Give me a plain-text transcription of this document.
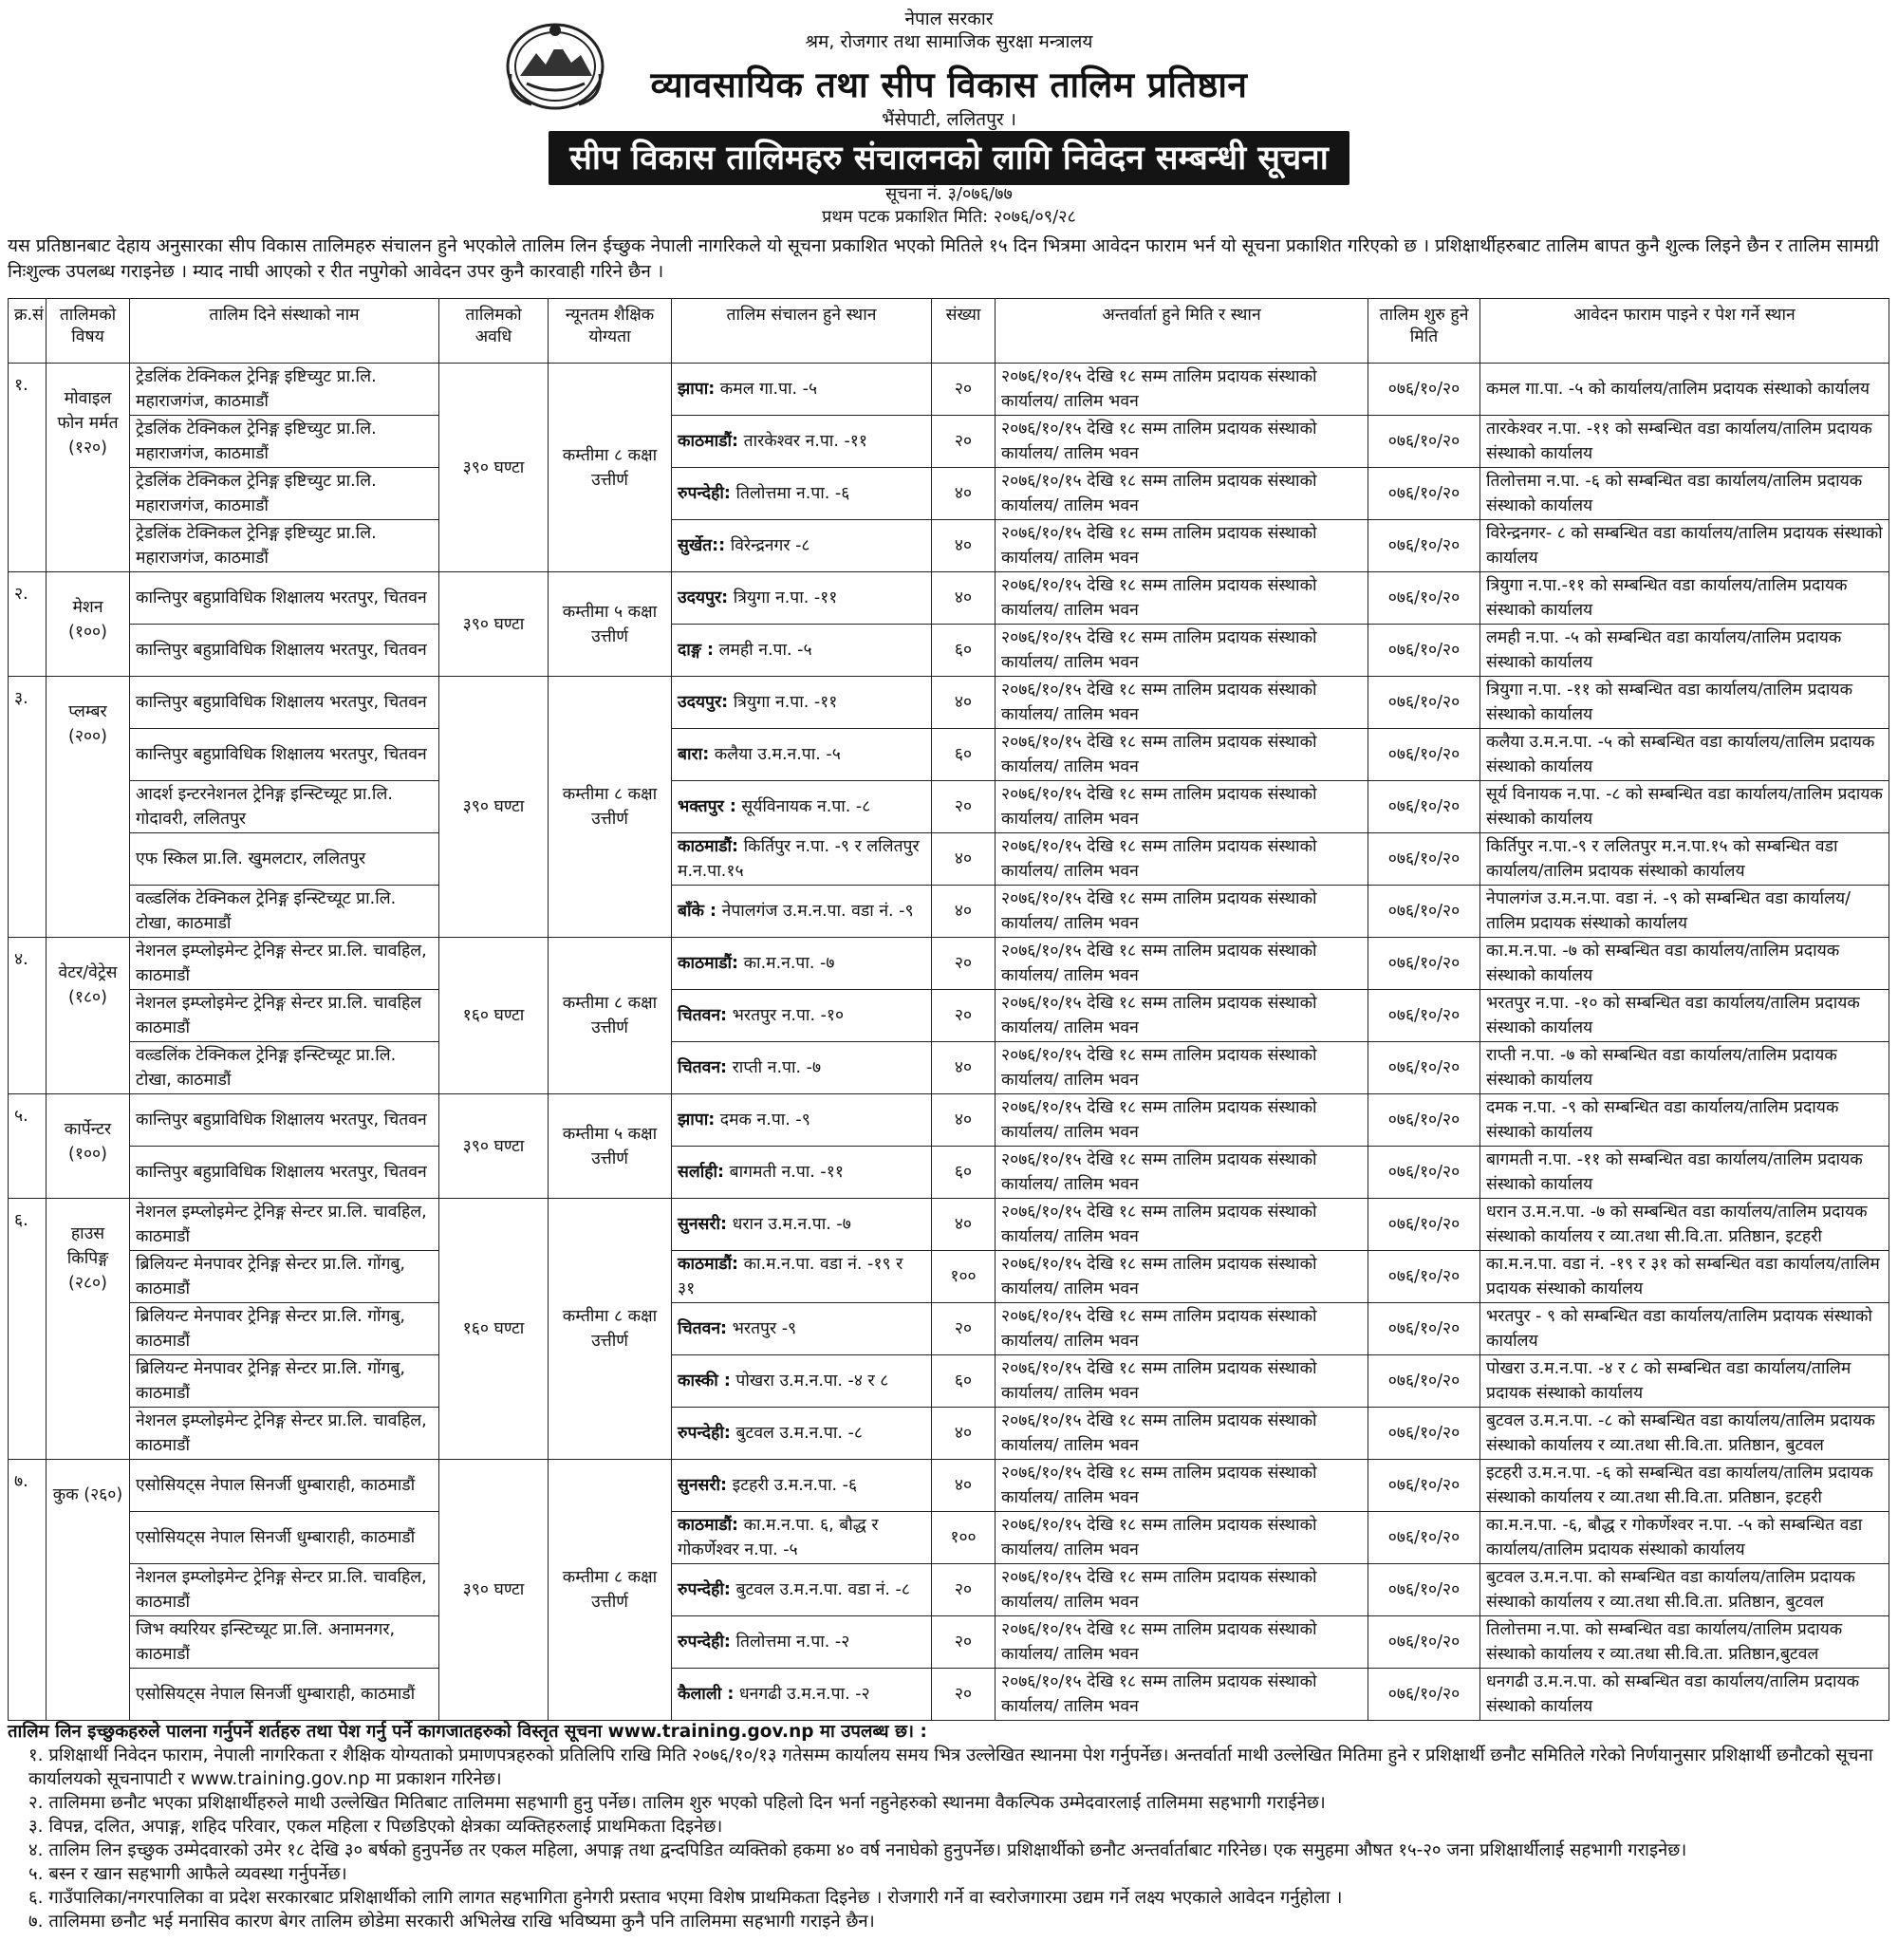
नेपाल सरकार
श्रम, रोजगार तथा सामाजिक सुरक्षा मन्त्रालय
व्यावसायिक तथा सीप विकास तालिम प्रतिष्ठान
भैंसेपाटी, ललितपुर ।
सीप विकास तालिमहरु संचालनको लागि निवेदन सम्बन्धी सूचना
सूचना नं. ३/०७६/७७
प्रथम पटक प्रकाशित मिति: २०७६/०९/२८
यस प्रतिष्ठानबाट देहाय अनुसारका सीप विकास तालिमहरु संचालन हुने भएकोले तालिम लिन ईच्छुक नेपाली नागरिकले यो सूचना प्रकाशित भएको मितिले १५ दिन भित्रमा आवेदन फाराम भर्न यो सूचना प्रकाशित गरिएको छ । प्रशिक्षार्थीहरुबाट तालिम बापत कुनै शुल्क लिइने छैन र तालिम सामग्री निःशुल्क उपलब्ध गराइनेछ । म्याद नाघी आएको र रीत नपुगेको आवेदन उपर कुनै कारवाही गरिने छैन ।
क्र.सं	तालिमको विषय	तालिम दिने संस्थाको नाम	तालिमको अवधि	न्यूनतम शैक्षिक योग्यता	तालिम संचालन हुने स्थान	संख्या	अन्तर्वार्ता हुने मिति र स्थान	तालिम शुरु हुने मिति	आवेदन फाराम पाइने र पेश गर्ने स्थान
१.	मोवाइल फोन मर्मत (१२०)	ट्रेडलिंक टेक्निकल ट्रेनिङ्ग इष्टिच्युट प्रा.लि. महाराजगंज, काठमाडौं	३९० घण्टा	कम्तीमा ८ कक्षा उत्तीर्ण	झापा: कमल गा.पा. -५	२०	२०७६/१०/१५ देखि १८ सम्म तालिम प्रदायक संस्थाको कार्यालय/ तालिम भवन	०७६/१०/२०	कमल गा.पा. -५ को कार्यालय/तालिम प्रदायक संस्थाको कार्यालय
		ट्रेडलिंक टेक्निकल ट्रेनिङ्ग इष्टिच्युट प्रा.लि. महाराजगंज, काठमाडौं			काठमाडौं: तारकेश्वर न.पा. -११	२०	२०७६/१०/१५ देखि १८ सम्म तालिम प्रदायक संस्थाको कार्यालय/ तालिम भवन	०७६/१०/२०	तारकेश्वर न.पा. -११ को सम्बन्धित वडा कार्यालय/तालिम प्रदायक संस्थाको कार्यालय
		ट्रेडलिंक टेक्निकल ट्रेनिङ्ग इष्टिच्युट प्रा.लि. महाराजगंज, काठमाडौं			रुपन्देही: तिलोत्तमा न.पा. -६	४०	२०७६/१०/१५ देखि १८ सम्म तालिम प्रदायक संस्थाको कार्यालय/ तालिम भवन	०७६/१०/२०	तिलोत्तमा न.पा. -६ को सम्बन्धित वडा कार्यालय/तालिम प्रदायक संस्थाको कार्यालय
		ट्रेडलिंक टेक्निकल ट्रेनिङ्ग इष्टिच्युट प्रा.लि. महाराजगंज, काठमाडौं			सुर्खेत:: विरेन्द्रनगर -८	४०	२०७६/१०/१५ देखि १८ सम्म तालिम प्रदायक संस्थाको कार्यालय/ तालिम भवन	०७६/१०/२०	विरेन्द्रनगर- ८ को सम्बन्धित वडा कार्यालय/तालिम प्रदायक संस्थाको कार्यालय
२.	मेशन (१००)	कान्तिपुर बहुप्राविधिक शिक्षालय भरतपुर, चितवन	३९० घण्टा	कम्तीमा ५ कक्षा उत्तीर्ण	उदयपुर: त्रियुगा न.पा. -११	४०	२०७६/१०/१५ देखि १८ सम्म तालिम प्रदायक संस्थाको कार्यालय/ तालिम भवन	०७६/१०/२०	त्रियुगा न.पा.-११ को सम्बन्धित वडा कार्यालय/तालिम प्रदायक संस्थाको कार्यालय
		कान्तिपुर बहुप्राविधिक शिक्षालय भरतपुर, चितवन			दाङ्ग : लमही न.पा. -५	६०	२०७६/१०/१५ देखि १८ सम्म तालिम प्रदायक संस्थाको कार्यालय/ तालिम भवन	०७६/१०/२०	लमही न.पा. -५ को सम्बन्धित वडा कार्यालय/तालिम प्रदायक संस्थाको कार्यालय
३.	प्लम्बर (२००)	कान्तिपुर बहुप्राविधिक शिक्षालय भरतपुर, चितवन	३९० घण्टा	कम्तीमा ८ कक्षा उत्तीर्ण	उदयपुर: त्रियुगा न.पा. -११	४०	२०७६/१०/१५ देखि १८ सम्म तालिम प्रदायक संस्थाको कार्यालय/ तालिम भवन	०७६/१०/२०	त्रियुगा न.पा. -११ को सम्बन्धित वडा कार्यालय/तालिम प्रदायक संस्थाको कार्यालय
		कान्तिपुर बहुप्राविधिक शिक्षालय भरतपुर, चितवन			बारा: कलैया उ.म.न.पा. -५	६०	२०७६/१०/१५ देखि १८ सम्म तालिम प्रदायक संस्थाको कार्यालय/ तालिम भवन	०७६/१०/२०	कलैया उ.म.न.पा. -५ को सम्बन्धित वडा कार्यालय/तालिम प्रदायक संस्थाको कार्यालय
		आदर्श इन्टरनेशनल ट्रेनिङ्ग इन्स्टिच्यूट प्रा.लि. गोदावरी, ललितपुर			भक्तपुर : सूर्यविनायक न.पा. -८	२०	२०७६/१०/१५ देखि १८ सम्म तालिम प्रदायक संस्थाको कार्यालय/ तालिम भवन	०७६/१०/२०	सूर्य विनायक न.पा. -८ को सम्बन्धित वडा कार्यालय/तालिम प्रदायक संस्थाको कार्यालय
		एफ स्किल प्रा.लि. खुमलटार, ललितपुर			काठमाडौं: किर्तिपुर न.पा. -९ र ललितपुर म.न.पा.१५	४०	२०७६/१०/१५ देखि १८ सम्म तालिम प्रदायक संस्थाको कार्यालय/ तालिम भवन	०७६/१०/२०	किर्तिपुर न.पा.-९ र ललितपुर म.न.पा.१५ को सम्बन्धित वडा कार्यालय/तालिम प्रदायक संस्थाको कार्यालय
		वल्र्डलिंक टेक्निकल ट्रेनिङ्ग इन्स्टिच्यूट प्रा.लि. टोखा, काठमाडौं			बाँके : नेपालगंज उ.म.न.पा. वडा नं. -९	४०	२०७६/१०/१५ देखि १८ सम्म तालिम प्रदायक संस्थाको कार्यालय/ तालिम भवन	०७६/१०/२०	नेपालगंज उ.म.न.पा. वडा नं. -९ को सम्बन्धित वडा कार्यालय/तालिम प्रदायक संस्थाको कार्यालय
४.	वेटर/वेट्रेस (१८०)	नेशनल इम्प्लोइमेन्ट ट्रेनिङ्ग सेन्टर प्रा.लि. चावहिल, काठमाडौं	१६० घण्टा	कम्तीमा ८ कक्षा उत्तीर्ण	काठमाडौं: का.म.न.पा. -७	२०	२०७६/१०/१५ देखि १८ सम्म तालिम प्रदायक संस्थाको कार्यालय/ तालिम भवन	०७६/१०/२०	का.म.न.पा. -७ को सम्बन्धित वडा कार्यालय/तालिम प्रदायक संस्थाको कार्यालय
		नेशनल इम्प्लोइमेन्ट ट्रेनिङ्ग सेन्टर प्रा.लि. चावहिल काठमाडौं			चितवन: भरतपुर न.पा. -१०	२०	२०७६/१०/१५ देखि १८ सम्म तालिम प्रदायक संस्थाको कार्यालय/ तालिम भवन	०७६/१०/२०	भरतपुर न.पा. -१० को सम्बन्धित वडा कार्यालय/तालिम प्रदायक संस्थाको कार्यालय
		वल्र्डलिंक टेक्निकल ट्रेनिङ्ग इन्स्टिच्यूट प्रा.लि. टोखा, काठमाडौं			चितवन: राप्ती न.पा. -७	४०	२०७६/१०/१५ देखि १८ सम्म तालिम प्रदायक संस्थाको कार्यालय/ तालिम भवन	०७६/१०/२०	राप्ती न.पा. -७ को सम्बन्धित वडा कार्यालय/तालिम प्रदायक संस्थाको कार्यालय
५.	कार्पेन्टर (१००)	कान्तिपुर बहुप्राविधिक शिक्षालय भरतपुर, चितवन	३९० घण्टा	कम्तीमा ५ कक्षा उत्तीर्ण	झापा: दमक न.पा. -९	४०	२०७६/१०/१५ देखि १८ सम्म तालिम प्रदायक संस्थाको कार्यालय/ तालिम भवन	०७६/१०/२०	दमक न.पा. -९ को सम्बन्धित वडा कार्यालय/तालिम प्रदायक संस्थाको कार्यालय
		कान्तिपुर बहुप्राविधिक शिक्षालय भरतपुर, चितवन			सर्लाही: बागमती न.पा. -११	६०	२०७६/१०/१५ देखि १८ सम्म तालिम प्रदायक संस्थाको कार्यालय/ तालिम भवन	०७६/१०/२०	बागमती न.पा. -११ को सम्बन्धित वडा कार्यालय/तालिम प्रदायक संस्थाको कार्यालय
६.	हाउस किपिङ्ग (२८०)	नेशनल इम्प्लोइमेन्ट ट्रेनिङ्ग सेन्टर प्रा.लि. चावहिल, काठमाडौं	१६० घण्टा	कम्तीमा ८ कक्षा उत्तीर्ण	सुनसरी: धरान उ.म.न.पा. -७	४०	२०७६/१०/१५ देखि १८ सम्म तालिम प्रदायक संस्थाको कार्यालय/ तालिम भवन	०७६/१०/२०	धरान उ.म.न.पा. -७ को सम्बन्धित वडा कार्यालय/तालिम प्रदायक संस्थाको कार्यालय र व्या.तथा सी.वि.ता. प्रतिष्ठान, इटहरी
		ब्रिलियन्ट मेनपावर ट्रेनिङ्ग सेन्टर प्रा.लि. गोंगबु, काठमाडौं			काठमाडौं: का.म.न.पा. वडा नं. -१९ र ३१	१००	२०७६/१०/१५ देखि १८ सम्म तालिम प्रदायक संस्थाको कार्यालय/ तालिम भवन	०७६/१०/२०	का.म.न.पा. वडा नं. -१९ र ३१ को सम्बन्धित वडा कार्यालय/तालिम प्रदायक संस्थाको कार्यालय
		ब्रिलियन्ट मेनपावर ट्रेनिङ्ग सेन्टर प्रा.लि. गोंगबु, काठमाडौं			चितवन: भरतपुर -९	२०	२०७६/१०/१५ देखि १८ सम्म तालिम प्रदायक संस्थाको कार्यालय/ तालिम भवन	०७६/१०/२०	भरतपुर - ९ को सम्बन्धित वडा कार्यालय/तालिम प्रदायक संस्थाको कार्यालय
		ब्रिलियन्ट मेनपावर ट्रेनिङ्ग सेन्टर प्रा.लि. गोंगबु, काठमाडौं			कास्की : पोखरा उ.म.न.पा. -४ र ८	६०	२०७६/१०/१५ देखि १८ सम्म तालिम प्रदायक संस्थाको कार्यालय/ तालिम भवन	०७६/१०/२०	पोखरा उ.म.न.पा. -४ र ८ को सम्बन्धित वडा कार्यालय/तालिम प्रदायक संस्थाको कार्यालय
		नेशनल इम्प्लोइमेन्ट ट्रेनिङ्ग सेन्टर प्रा.लि. चावहिल, काठमाडौं			रुपन्देही: बुटवल उ.म.न.पा. -८	४०	२०७६/१०/१५ देखि १८ सम्म तालिम प्रदायक संस्थाको कार्यालय/ तालिम भवन	०७६/१०/२०	बुटवल उ.म.न.पा. -८ को सम्बन्धित वडा कार्यालय/तालिम प्रदायक संस्थाको कार्यालय र व्या.तथा सी.वि.ता. प्रतिष्ठान, बुटवल
७.	कुक (२६०)	एसोसियट्स नेपाल सिनर्जी धुम्बाराही, काठमाडौं	३९० घण्टा	कम्तीमा ८ कक्षा उत्तीर्ण	सुनसरी: इटहरी उ.म.न.पा. -६	४०	२०७६/१०/१५ देखि १८ सम्म तालिम प्रदायक संस्थाको कार्यालय/ तालिम भवन	०७६/१०/२०	इटहरी उ.म.न.पा. -६ को सम्बन्धित वडा कार्यालय/तालिम प्रदायक संस्थाको कार्यालय र व्या.तथा सी.वि.ता. प्रतिष्ठान, इटहरी
		एसोसियट्स नेपाल सिनर्जी धुम्बाराही, काठमाडौं			काठमाडौं: का.म.न.पा. ६, बौद्ध र गोकर्णेश्वर न.पा. -५	१००	२०७६/१०/१५ देखि १८ सम्म तालिम प्रदायक संस्थाको कार्यालय/ तालिम भवन	०७६/१०/२०	का.म.न.पा. -६, बौद्ध र गोकर्णेश्वर न.पा. -५ को सम्बन्धित वडा कार्यालय/तालिम प्रदायक संस्थाको कार्यालय
		नेशनल इम्प्लोइमेन्ट ट्रेनिङ्ग सेन्टर प्रा.लि. चावहिल, काठमाडौं			रुपन्देही: बुटवल उ.म.न.पा. वडा नं. -८	२०	२०७६/१०/१५ देखि १८ सम्म तालिम प्रदायक संस्थाको कार्यालय/ तालिम भवन	०७६/१०/२०	बुटवल उ.म.न.पा. को सम्बन्धित वडा कार्यालय/तालिम प्रदायक संस्थाको कार्यालय र व्या.तथा सी.वि.ता. प्रतिष्ठान, बुटवल
		जिभ क्यरियर इन्स्टिच्यूट प्रा.लि. अनामनगर, काठमाडौं			रुपन्देही: तिलोत्तमा न.पा. -२	२०	२०७६/१०/१५ देखि १८ सम्म तालिम प्रदायक संस्थाको कार्यालय/ तालिम भवन	०७६/१०/२०	तिलोत्तमा न.पा. को सम्बन्धित वडा कार्यालय/तालिम प्रदायक संस्थाको कार्यालय र व्या.तथा सी.वि.ता. प्रतिष्ठान,बुटवल
		एसोसियट्स नेपाल सिनर्जी धुम्बाराही, काठमाडौं			कैलाली : धनगढी उ.म.न.पा. -२	२०	२०७६/१०/१५ देखि १८ सम्म तालिम प्रदायक संस्थाको कार्यालय/ तालिम भवन	०७६/१०/२०	धनगढी उ.म.न.पा. को सम्बन्धित वडा कार्यालय/तालिम प्रदायक संस्थाको कार्यालय
तालिम लिन इच्छुकहरुले पालना गर्नुपर्ने शर्तहरु तथा पेश गर्नु पर्ने कागजातहरुको विस्तृत सूचना www.training.gov.np मा उपलब्ध छ। :
१. प्रशिक्षार्थी निवेदन फाराम, नेपाली नागरिकता र शैक्षिक योग्यताको प्रमाणपत्रहरुको प्रतिलिपि राखि मिति २०७६/१०/१३ गतेसम्म कार्यालय समय भित्र उल्लेखित स्थानमा पेश गर्नुपर्नेछ। अन्तर्वार्ता माथी उल्लेखित मितिमा हुने र प्रशिक्षार्थी छनौट समितिले गरेको निर्णयानुसार प्रशिक्षार्थी छनौटको सूचना कार्यालयको सूचनापाटी र www.training.gov.np मा प्रकाशन गरिनेछ।
२. तालिममा छनौट भएका प्रशिक्षार्थीहरुले माथी उल्लेखित मितिबाट तालिममा सहभागी हुनु पर्नेछ। तालिम शुरु भएको पहिलो दिन भर्ना नहुनेहरुको स्थानमा वैकल्पिक उम्मेदवारलाई तालिममा सहभागी गराईनेछ।
३. विपन्न, दलित, अपाङ्ग, शहिद परिवार, एकल महिला र पिछडिएको क्षेत्रका व्यक्तिहरुलाई प्राथमिकता दिइनेछ।
४. तालिम लिन इच्छुक उम्मेदवारको उमेर १८ देखि ३० बर्षको हुनुपर्नेछ तर एकल महिला, अपाङ्ग तथा द्वन्दपिडित व्यक्तिको हकमा ४० वर्ष ननाघेको हुनुपर्नेछ। प्रशिक्षार्थीको छनौट अन्तर्वार्ताबाट गरिनेछ। एक समुहमा औषत १५-२० जना प्रशिक्षार्थीलाई सहभागी गराइनेछ।
५. बस्न र खान सहभागी आफैले व्यवस्था गर्नुपर्नेछ।
६. गाउँपालिका/नगरपालिका वा प्रदेश सरकारबाट प्रशिक्षार्थीको लागि लागत सहभागिता हुनेगरी प्रस्ताव भएमा विशेष प्राथमिकता दिइनेछ । रोजगारी गर्ने वा स्वरोजगारमा उद्यम गर्ने लक्ष्य भएकाले आवेदन गर्नुहोला ।
७. तालिममा छनौट भई मनासिव कारण बेगर तालिम छोडेमा सरकारी अभिलेख राखि भविष्यमा कुनै पनि तालिममा सहभागी गराइने छैन।
